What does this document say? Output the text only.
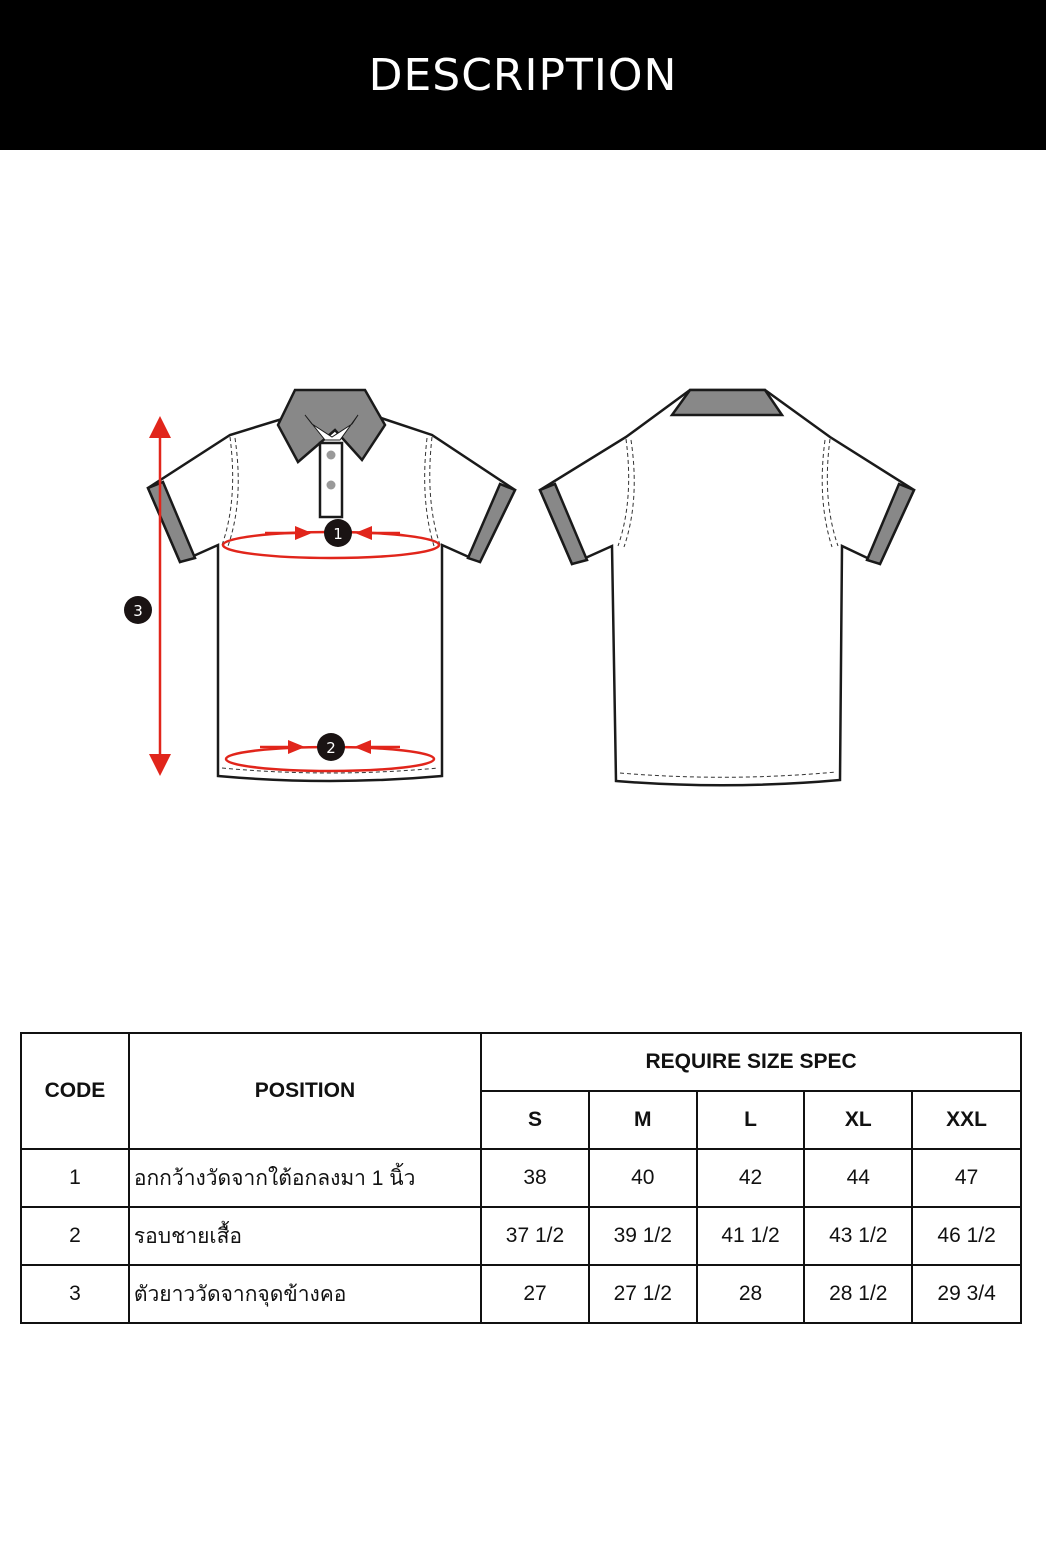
DESCRIPTION
1
2
3
CODE	POSITION	REQUIRE SIZE SPEC				
		S	M	L	XL	XXL
1	อกกว้างวัดจากใต้อกลงมา 1 นิ้ว	38	40	42	44	47
2	รอบชายเสื้อ	37 1/2	39 1/2	41 1/2	43 1/2	46 1/2
3	ตัวยาววัดจากจุดข้างคอ	27	27 1/2	28	28 1/2	29 3/4
